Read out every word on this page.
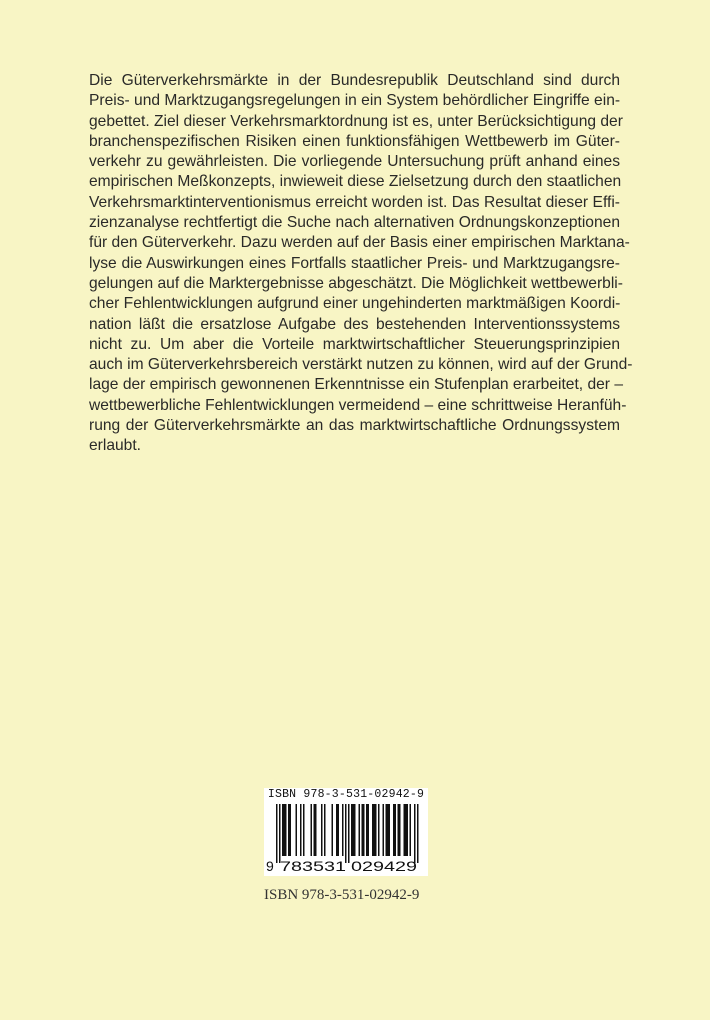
Die Güterverkehrsmärkte in der Bundesrepublik Deutschland sind durch
Preis- und Marktzugangsregelungen in ein System behördlicher Eingriffe ein-
gebettet. Ziel dieser Verkehrsmarktordnung ist es, unter Berücksichtigung der
branchenspezifischen Risiken einen funktionsfähigen Wettbewerb im Güter-
verkehr zu gewährleisten. Die vorliegende Untersuchung prüft anhand eines
empirischen Meßkonzepts, inwieweit diese Zielsetzung durch den staatlichen
Verkehrsmarktinterventionismus erreicht worden ist. Das Resultat dieser Effi-
zienzanalyse rechtfertigt die Suche nach alternativen Ordnungskonzeptionen
für den Güterverkehr. Dazu werden auf der Basis einer empirischen Marktana-
lyse die Auswirkungen eines Fortfalls staatlicher Preis- und Marktzugangsre-
gelungen auf die Marktergebnisse abgeschätzt. Die Möglichkeit wettbewerbli-
cher Fehlentwicklungen aufgrund einer ungehinderten marktmäßigen Koordi-
nation läßt die ersatzlose Aufgabe des bestehenden Interventionssystems
nicht zu. Um aber die Vorteile marktwirtschaftlicher Steuerungsprinzipien
auch im Güterverkehrsbereich verstärkt nutzen zu können, wird auf der Grund-
lage der empirisch gewonnenen Erkenntnisse ein Stufenplan erarbeitet, der –
wettbewerbliche Fehlentwicklungen vermeidend – eine schrittweise Heranfüh-
rung der Güterverkehrsmärkte an das marktwirtschaftliche Ordnungssystem
erlaubt.
ISBN 978-3-531-02942-9
9 783531 029429
ISBN 978-3-531-02942-9
